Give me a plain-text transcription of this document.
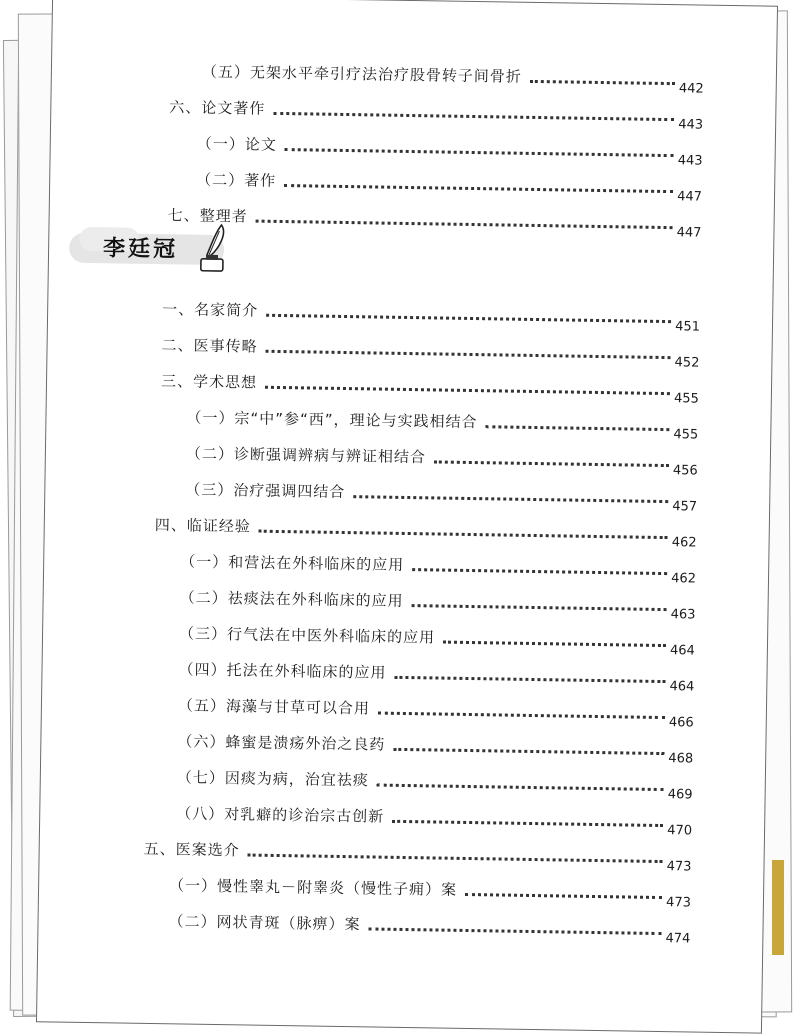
（五）无架水平牵引疗法治疗股骨转子间骨折
442
六、论文著作
443
（一）论文
443
（二）著作
447
七、整理者
447
李廷冠
一、名家简介
451
二、医事传略
452
三、学术思想
455
（一）宗“中”参“西”，理论与实践相结合
455
（二）诊断强调辨病与辨证相结合
456
（三）治疗强调四结合
457
四、临证经验
462
（一）和营法在外科临床的应用
462
（二）祛痰法在外科临床的应用
463
（三）行气法在中医外科临床的应用
464
（四）托法在外科临床的应用
464
（五）海藻与甘草可以合用
466
（六）蜂蜜是溃疡外治之良药
468
（七）因痰为病，治宜祛痰
469
（八）对乳癖的诊治宗古创新
470
五、医案选介
473
（一）慢性睾丸－附睾炎（慢性子痈）案
473
（二）网状青斑（脉痹）案
474
